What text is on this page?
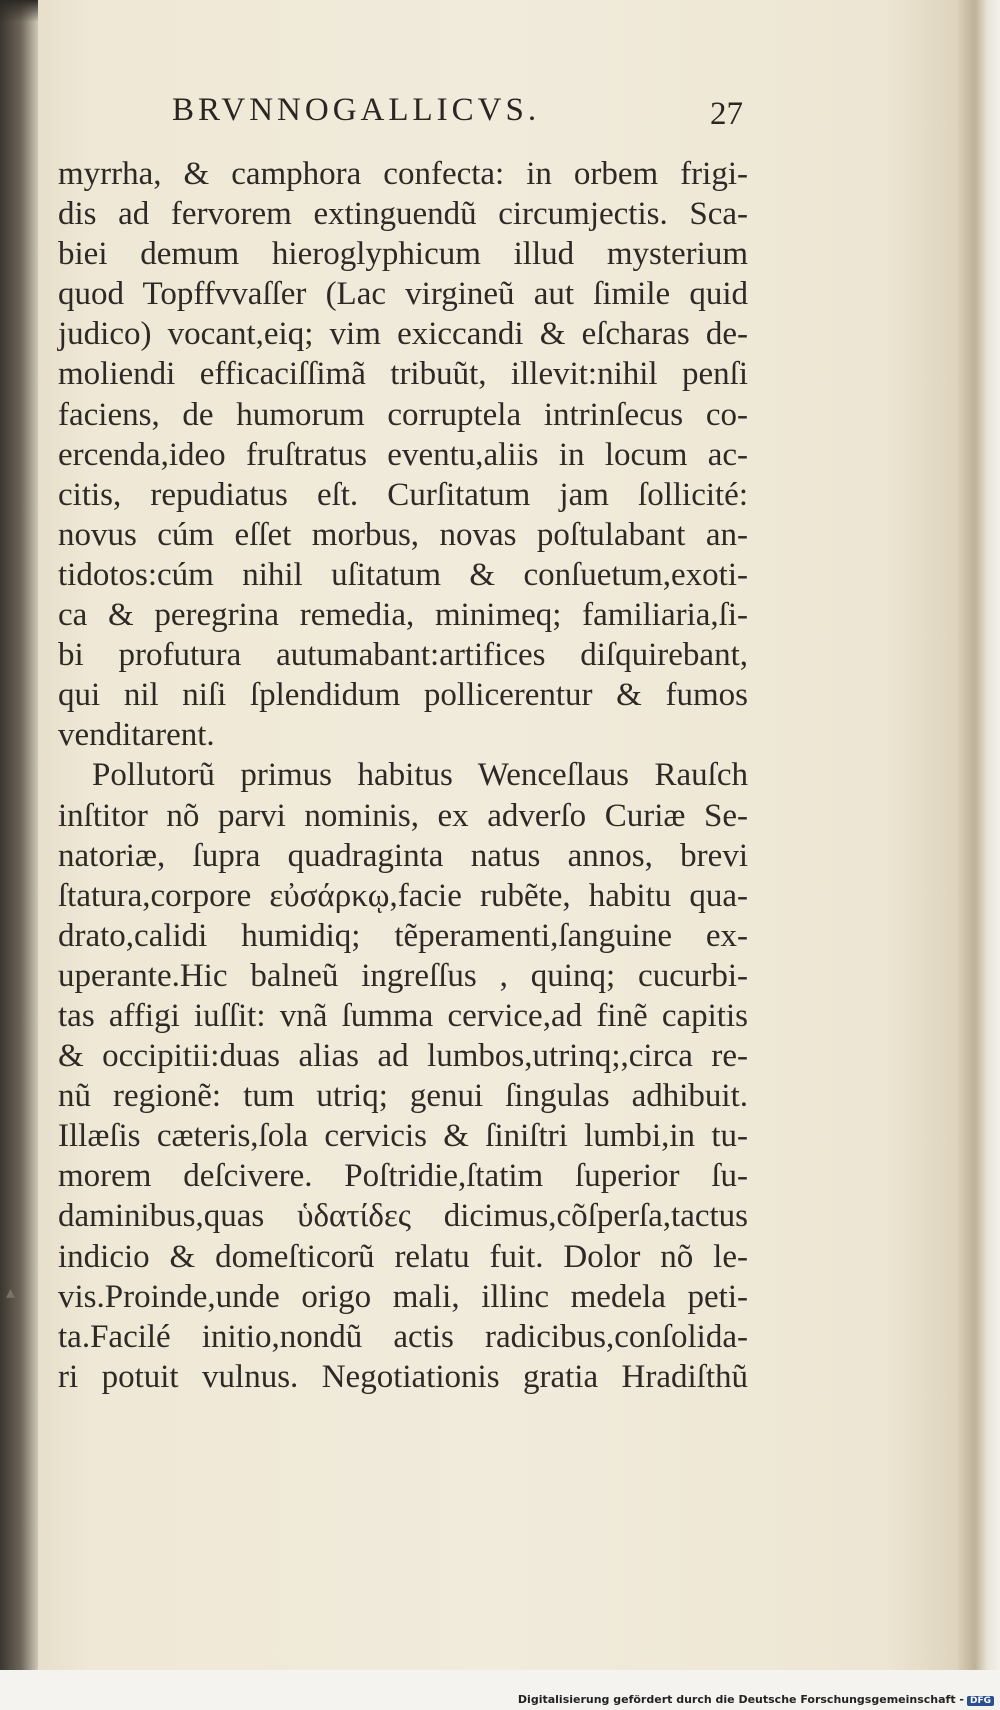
BRVNNOGALLICVS.	27
myrrha, & camphora confecta: in orbem frigi-
dis ad fervorem extinguendũ circumjectis. Sca-
biei demum hieroglyphicum illud mysterium
quod Topffvvaſſer (Lac virgineũ aut ſimile quid
judico) vocant,eiq; vim exiccandi & eſcharas de-
moliendi efficaciſſimã tribuũt, illevit:nihil penſi
faciens, de humorum corruptela intrinſecus co-
ercenda,ideo fruſtratus eventu,aliis in locum ac-
citis, repudiatus eſt. Curſitatum jam ſollicité:
novus cúm eſſet morbus, novas poſtulabant an-
tidotos:cúm nihil uſitatum & conſuetum,exoti-
ca & peregrina remedia, minimeq; familiaria,ſi-
bi profutura autumabant:artifices diſquirebant,
qui nil niſi ſplendidum pollicerentur & fumos
venditarent.
Pollutorũ primus habitus Wenceſlaus Rauſch
inſtitor nõ parvi nominis, ex adverſo Curiæ Se-
natoriæ, ſupra quadraginta natus annos, brevi
ſtatura,corpore εὐσάρκῳ,facie rubẽte, habitu qua-
drato,calidi humidiq; tẽperamenti,ſanguine ex-
uperante.Hic balneũ ingreſſus , quinq; cucurbi-
tas affigi iuſſit: vnã ſumma cervice,ad finẽ capitis
& occipitii:duas alias ad lumbos,utrinq;,circa re-
nũ regionẽ: tum utriq; genui ſingulas adhibuit.
Illæſis cæteris,ſola cervicis & ſiniſtri lumbi,in tu-
morem deſcivere. Poſtridie,ſtatim ſuperior ſu-
daminibus,quas ὑδατίδες dicimus,cõſperſa,tactus
indicio & domeſticorũ relatu fuit. Dolor nõ le-
vis.Proinde,unde origo mali, illinc medela peti-
ta.Facilé initio,nondũ actis radicibus,conſolida-
ri potuit vulnus. Negotiationis gratia Hradiſthũ
▴
Digitalisierung gefördert durch die Deutsche Forschungsgemeinschaft - DFG
